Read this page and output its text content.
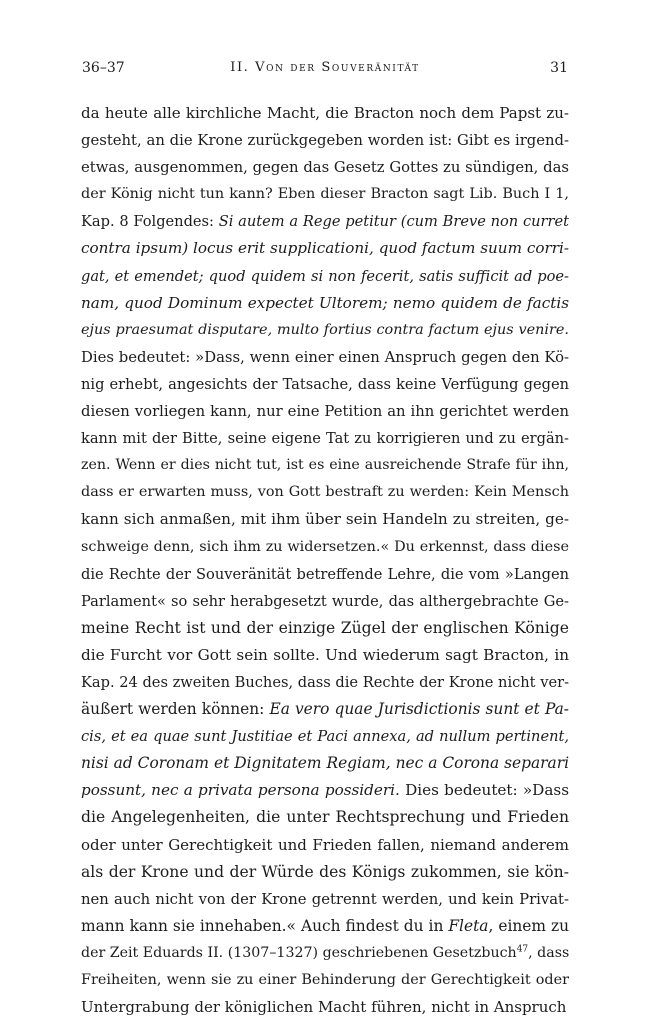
36–37	II. Von der Souveränität	31
da heute alle kirchliche Macht, die Bracton noch dem Papst zu-
gesteht, an die Krone zurückgegeben worden ist: Gibt es irgend-
etwas, ausgenommen, gegen das Gesetz Gottes zu sündigen, das
der König nicht tun kann? Eben dieser Bracton sagt Lib. Buch I 1,
Kap. 8 Folgendes: Si autem a Rege petitur (cum Breve non curret
contra ipsum) locus erit supplicationi, quod factum suum corri-
gat, et emendet; quod quidem si non fecerit, satis sufficit ad poe-
nam, quod Dominum expectet Ultorem; nemo quidem de factis
ejus praesumat disputare, multo fortius contra factum ejus venire.
Dies bedeutet: »Dass, wenn einer einen Anspruch gegen den Kö-
nig erhebt, angesichts der Tatsache, dass keine Verfügung gegen
diesen vorliegen kann, nur eine Petition an ihn gerichtet werden
kann mit der Bitte, seine eigene Tat zu korrigieren und zu ergän-
zen. Wenn er dies nicht tut, ist es eine ausreichende Strafe für ihn,
dass er erwarten muss, von Gott bestraft zu werden: Kein Mensch
kann sich anmaßen, mit ihm über sein Handeln zu streiten, ge-
schweige denn, sich ihm zu widersetzen.« Du erkennst, dass diese
die Rechte der Souveränität betreffende Lehre, die vom »Langen
Parlament« so sehr herabgesetzt wurde, das althergebrachte Ge-
meine Recht ist und der einzige Zügel der englischen Könige
die Furcht vor Gott sein sollte. Und wiederum sagt Bracton, in
Kap. 24 des zweiten Buches, dass die Rechte der Krone nicht ver-
äußert werden können: Ea vero quae Jurisdictionis sunt et Pa-
cis, et ea quae sunt Justitiae et Paci annexa, ad nullum pertinent,
nisi ad Coronam et Dignitatem Regiam, nec a Corona separari
possunt, nec a privata persona possideri. Dies bedeutet: »Dass
die Angelegenheiten, die unter Rechtsprechung und Frieden
oder unter Gerechtigkeit und Frieden fallen, niemand anderem
als der Krone und der Würde des Königs zukommen, sie kön-
nen auch nicht von der Krone getrennt werden, und kein Privat-
mann kann sie innehaben.« Auch findest du in Fleta, einem zu
der Zeit Eduards II. (1307–1327) geschriebenen Gesetzbuch$^{47}$, dass
Freiheiten, wenn sie zu einer Behinderung der Gerechtigkeit oder
Untergrabung der königlichen Macht führen, nicht in Anspruch
